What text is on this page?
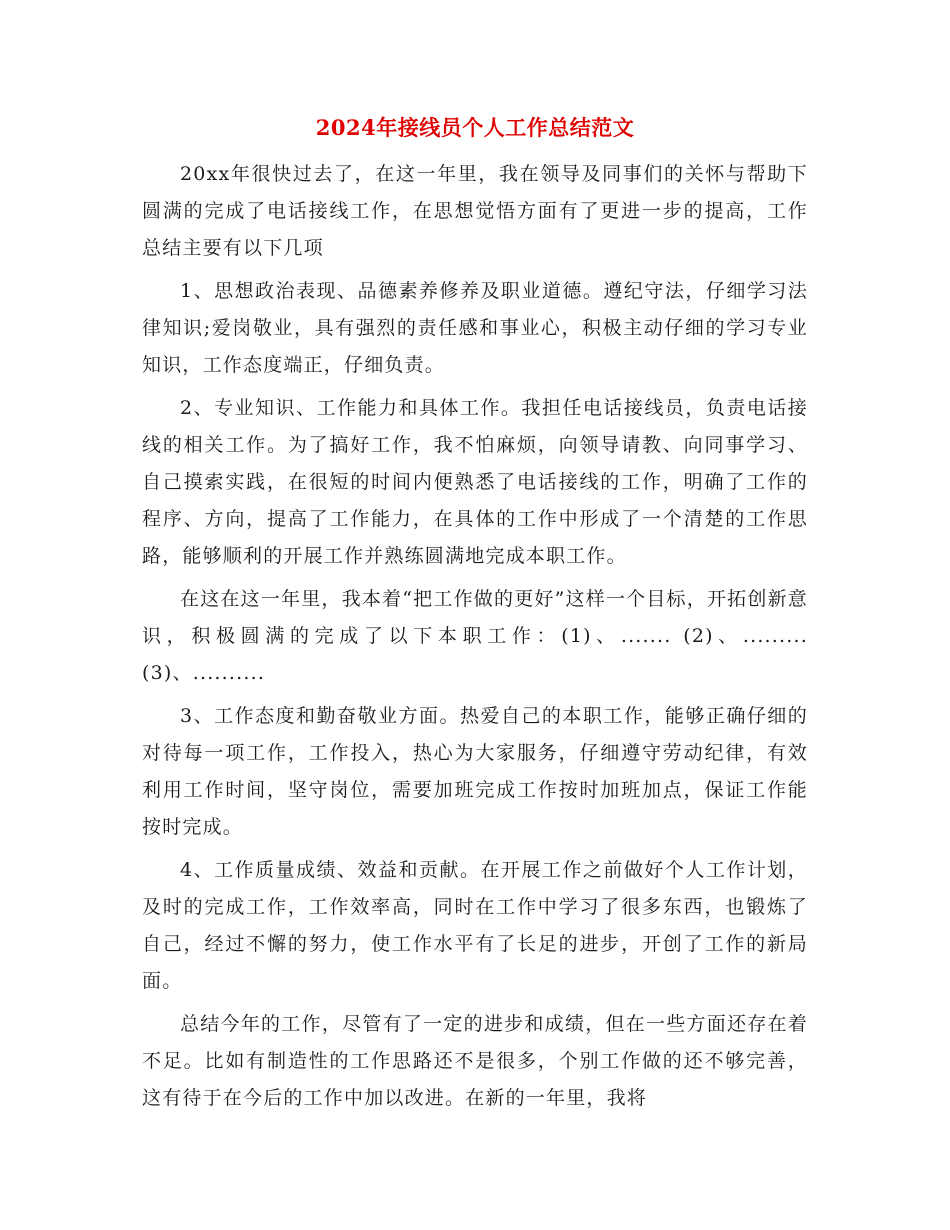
2024年接线员个人工作总结范文

20xx年很快过去了，在这一年里，我在领导及同事们的关怀与帮助下圆满的完成了电话接线工作，在思想觉悟方面有了更进一步的提高，工作总结主要有以下几项

1、思想政治表现、品德素养修养及职业道德。遵纪守法，仔细学习法律知识;爱岗敬业，具有强烈的责任感和事业心，积极主动仔细的学习专业知识，工作态度端正，仔细负责。

2、专业知识、工作能力和具体工作。我担任电话接线员，负责电话接线的相关工作。为了搞好工作，我不怕麻烦，向领导请教、向同事学习、自己摸索实践，在很短的时间内便熟悉了电话接线的工作，明确了工作的程序、方向，提高了工作能力，在具体的工作中形成了一个清楚的工作思路，能够顺利的开展工作并熟练圆满地完成本职工作。

在这在这一年里，我本着“把工作做的更好”这样一个目标，开拓创新意识，积极圆满的完成了以下本职工作：(1)、....... (2)、......... (3)、..........

3、工作态度和勤奋敬业方面。热爱自己的本职工作，能够正确仔细的对待每一项工作，工作投入，热心为大家服务，仔细遵守劳动纪律，有效利用工作时间，坚守岗位，需要加班完成工作按时加班加点，保证工作能按时完成。

4、工作质量成绩、效益和贡献。在开展工作之前做好个人工作计划，及时的完成工作，工作效率高，同时在工作中学习了很多东西，也锻炼了自己，经过不懈的努力，使工作水平有了长足的进步，开创了工作的新局面。

总结今年的工作，尽管有了一定的进步和成绩，但在一些方面还存在着不足。比如有制造性的工作思路还不是很多，个别工作做的还不够完善，这有待于在今后的工作中加以改进。在新的一年里，我将
